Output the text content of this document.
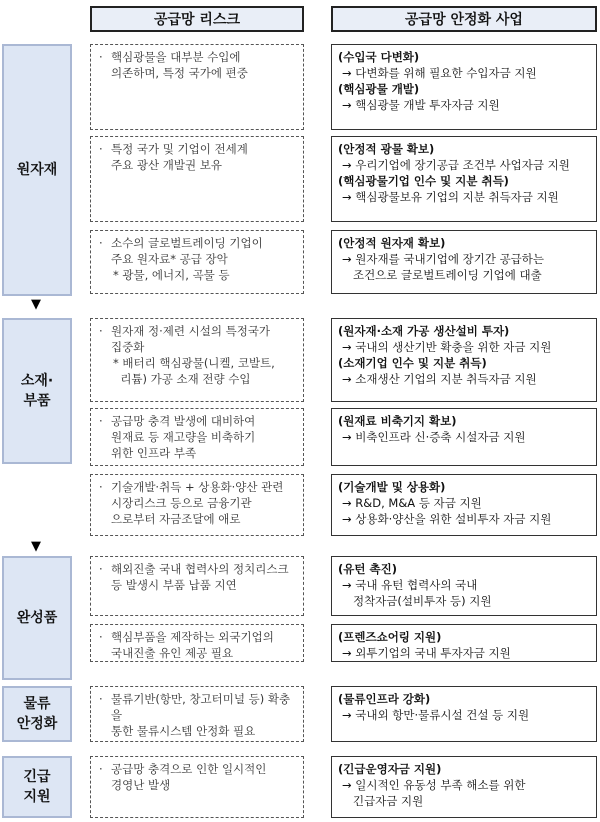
공급망 리스크	공급망 안정화 사업
원자재
소재·
부품
완성품
물류
안정화
긴급
지원
▼
▼
· 핵심광물을 대부분 수입에
의존하며, 특정 국가에 편중
(수입국 다변화)
→ 다변화를 위해 필요한 수입자금 지원
(핵심광물 개발)
→ 핵심광물 개발 투자자금 지원
· 특정 국가 및 기업이 전세계
주요 광산 개발권 보유
(안정적 광물 확보)
→ 우리기업에 장기공급 조건부 사업자금 지원
(핵심광물기업 인수 및 지분 취득)
→ 핵심광물보유 기업의 지분 취득자금 지원
· 소수의 글로벌트레이딩 기업이
주요 원자료* 공급 장악
* 광물, 에너지, 곡물 등
(안정적 원자재 확보)
→ 원자재를 국내기업에 장기간 공급하는
조건으로 글로벌트레이딩 기업에 대출
· 원자재 정·제련 시설의 특정국가
집중화
* 배터리 핵심광물(니켈, 코발트,
리튬) 가공 소재 전량 수입
(원자재·소재 가공 생산설비 투자)
→ 국내의 생산기반 확충을 위한 자금 지원
(소재기업 인수 및 지분 취득)
→ 소재생산 기업의 지분 취득자금 지원
· 공급망 충격 발생에 대비하여
원재료 등 재고량을 비축하기
위한 인프라 부족
(원재료 비축기지 확보)
→ 비축인프라 신·증축 시설자금 지원
· 기술개발·취득 + 상용화·양산 관련
시장리스크 등으로 금융기관
으로부터 자금조달에 애로
(기술개발 및 상용화)
→ R&D, M&A 등 자금 지원
→ 상용화·양산을 위한 설비투자 자금 지원
· 해외진출 국내 협력사의 정치리스크
등 발생시 부품 납품 지연
(유턴 촉진)
→ 국내 유턴 협력사의 국내
정착자금(설비투자 등) 지원
· 핵심부품을 제작하는 외국기업의
국내진출 유인 제공 필요
(프렌즈쇼어링 지원)
→ 외투기업의 국내 투자자금 지원
· 물류기반(항만, 창고터미널 등) 확충을
통한 물류시스템 안정화 필요
(물류인프라 강화)
→ 국내외 항만·물류시설 건설 등 지원
· 공급망 충격으로 인한 일시적인
경영난 발생
(긴급운영자금 지원)
→ 일시적인 유동성 부족 해소를 위한
긴급자금 지원
